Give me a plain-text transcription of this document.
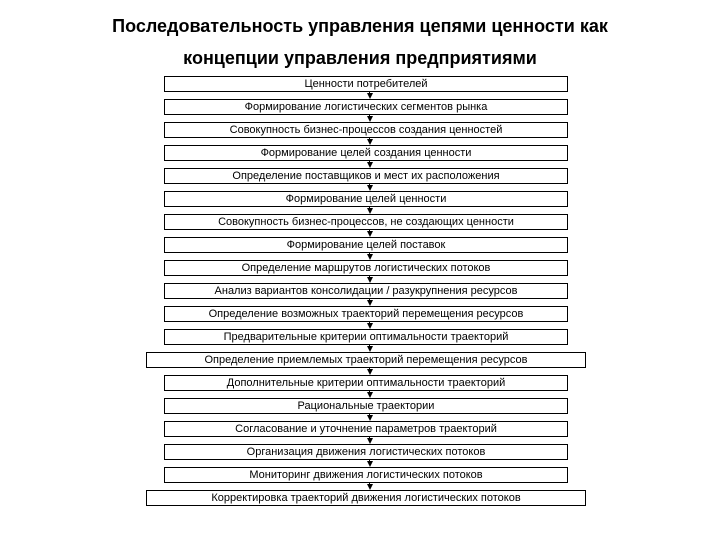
Последовательность управления цепями ценности как
концепции управления предприятиями
Ценности потребителей
Формирование логистических сегментов рынка
Совокупность бизнес-процессов создания ценностей
Формирование целей создания ценности
Определение поставщиков и мест их расположения
Формирование целей ценности
Совокупность бизнес-процессов, не создающих ценности
Формирование целей поставок
Определение маршрутов логистических потоков
Анализ вариантов консолидации / разукрупнения ресурсов
Определение возможных траекторий перемещения ресурсов
Предварительные критерии оптимальности траекторий
Определение приемлемых траекторий перемещения ресурсов
Дополнительные критерии оптимальности траекторий
Рациональные траектории
Согласование и уточнение параметров траекторий
Организация движения логистических потоков
Мониторинг движения логистических потоков
Корректировка траекторий движения логистических потоков
